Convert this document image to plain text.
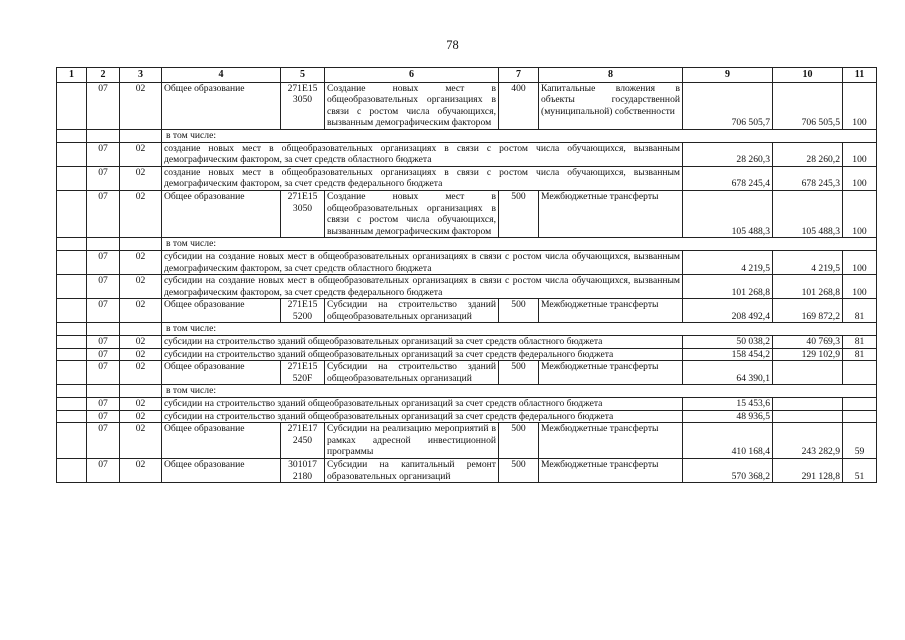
78
1	2	3	4	5	6	7	8	9	10	11
	07	02	Общее образование	271E15 3050	Создание новых мест в общеобразовательных организациях в связи с ростом числа обучающихся, вызванным демографическим фактором	400	Капитальные вложения в объекты государственной (муниципальной) собственности	706 505,7	706 505,5	100
			в том числе:							
	07	02	создание новых мест в общеобразовательных организациях в связи с ростом числа обучающихся, вызванным демографическим фактором, за счет средств областного бюджета					28 260,3	28 260,2	100
	07	02	создание новых мест в общеобразовательных организациях в связи с ростом числа обучающихся, вызванным демографическим фактором, за счет средств федерального бюджета					678 245,4	678 245,3	100
	07	02	Общее образование	271E15 3050	Создание новых мест в общеобразовательных организациях в связи с ростом числа обучающихся, вызванным демографическим фактором	500	Межбюджетные трансферты	105 488,3	105 488,3	100
			в том числе:							
	07	02	субсидии на создание новых мест в общеобразовательных организациях в связи с ростом числа обучающихся, вызванным демографическим фактором, за счет средств областного бюджета					4 219,5	4 219,5	100
	07	02	субсидии на создание новых мест в общеобразовательных организациях в связи с ростом числа обучающихся, вызванным демографическим фактором, за счет средств федерального бюджета					101 268,8	101 268,8	100
	07	02	Общее образование	271E15 5200	Субсидии на строительство зданий общеобразовательных организаций	500	Межбюджетные трансферты	208 492,4	169 872,2	81
			в том числе:							
	07	02	субсидии на строительство зданий общеобразовательных организаций за счет средств областного бюджета					50 038,2	40 769,3	81
	07	02	субсидии на строительство зданий общеобразовательных организаций за счет средств федерального бюджета					158 454,2	129 102,9	81
	07	02	Общее образование	271E15 520F	Субсидии на строительство зданий общеобразовательных организаций	500	Межбюджетные трансферты	64 390,1		
			в том числе:							
	07	02	субсидии на строительство зданий общеобразовательных организаций за счет средств областного бюджета					15 453,6		
	07	02	субсидии на строительство зданий общеобразовательных организаций за счет средств федерального бюджета					48 936,5		
	07	02	Общее образование	271E17 2450	Субсидии на реализацию мероприятий в рамках адресной инвестиционной программы	500	Межбюджетные трансферты	410 168,4	243 282,9	59
	07	02	Общее образование	301017 2180	Субсидии на капитальный ремонт образовательных организаций	500	Межбюджетные трансферты	570 368,2	291 128,8	51
